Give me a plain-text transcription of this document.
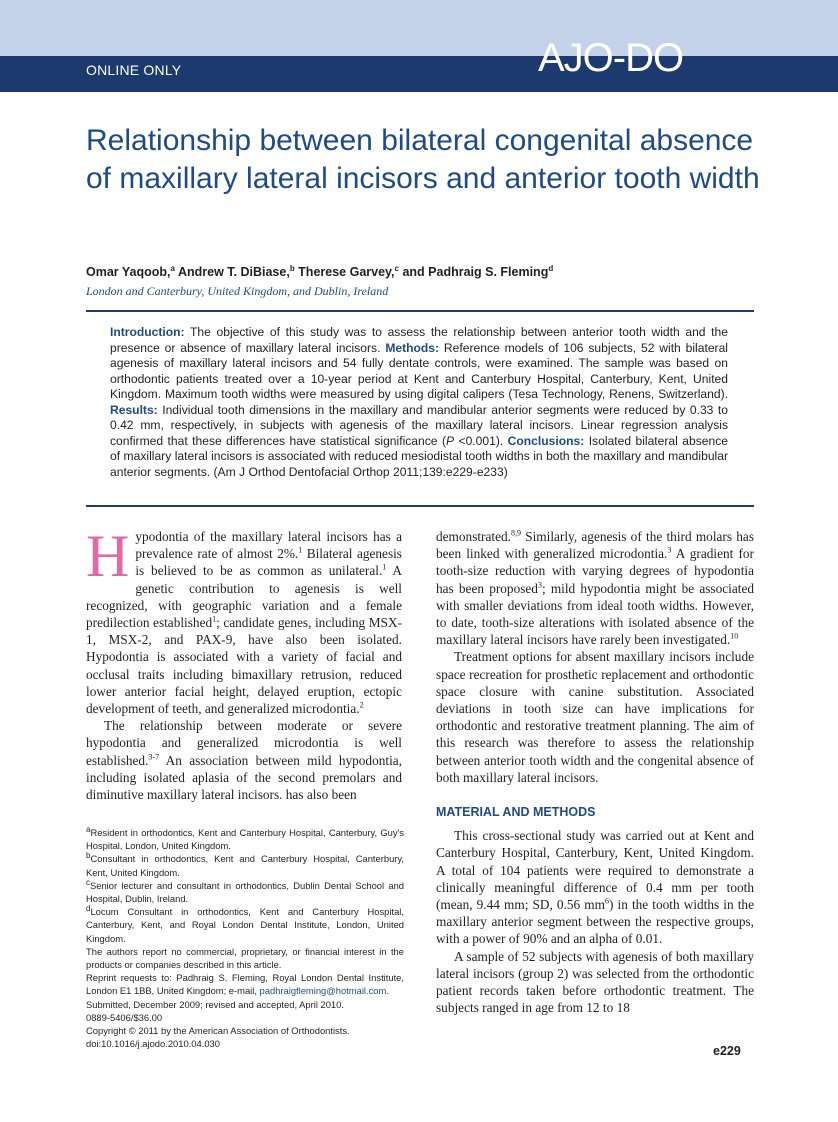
ONLINE ONLY	AJO-DO
Relationship between bilateral congenital absence of maxillary lateral incisors and anterior tooth width
Omar Yaqoob,$^a$ Andrew T. DiBiase,$^b$ Therese Garvey,$^c$ and Padhraig S. Fleming$^d$
London and Canterbury, United Kingdom, and Dublin, Ireland

Introduction: The objective of this study was to assess the relationship between anterior tooth width and the presence or absence of maxillary lateral incisors. Methods: Reference models of 106 subjects, 52 with bilateral agenesis of maxillary lateral incisors and 54 fully dentate controls, were examined. The sample was based on orthodontic patients treated over a 10-year period at Kent and Canterbury Hospital, Canterbury, Kent, United Kingdom. Maximum tooth widths were measured by using digital calipers (Tesa Technology, Renens, Switzerland). Results: Individual tooth dimensions in the maxillary and mandibular anterior segments were reduced by 0.33 to 0.42 mm, respectively, in subjects with agenesis of the maxillary lateral incisors. Linear regression analysis confirmed that these differences have statistical significance (P <0.001). Conclusions: Isolated bilateral absence of maxillary lateral incisors is associated with reduced mesiodistal tooth widths in both the maxillary and mandibular anterior segments. (Am J Orthod Dentofacial Orthop 2011;139:e229-e233)

Hypodontia of the maxillary lateral incisors has a prevalence rate of almost 2%.$^1$ Bilateral agenesis is believed to be as common as unilateral.$^1$ A genetic contribution to agenesis is well recognized, with geographic variation and a female predilection established$^1$; candidate genes, including MSX-1, MSX-2, and PAX-9, have also been isolated. Hypodontia is associated with a variety of facial and occlusal traits including bimaxillary retrusion, reduced lower anterior facial height, delayed eruption, ectopic development of teeth, and generalized microdontia.$^2$

The relationship between moderate or severe hypodontia and generalized microdontia is well established.$^{3-7}$ An association between mild hypodontia, including isolated aplasia of the second premolars and diminutive maxillary lateral incisors. has also been

demonstrated.$^{8,9}$ Similarly, agenesis of the third molars has been linked with generalized microdontia.$^3$ A gradient for tooth-size reduction with varying degrees of hypodontia has been proposed$^3$; mild hypodontia might be associated with smaller deviations from ideal tooth widths. However, to date, tooth-size alterations with isolated absence of the maxillary lateral incisors have rarely been investigated.$^{10}$

Treatment options for absent maxillary incisors include space recreation for prosthetic replacement and orthodontic space closure with canine substitution. Associated deviations in tooth size can have implications for orthodontic and restorative treatment planning. The aim of this research was therefore to assess the relationship between anterior tooth width and the congenital absence of both maxillary lateral incisors.

MATERIAL AND METHODS

This cross-sectional study was carried out at Kent and Canterbury Hospital, Canterbury, Kent, United Kingdom. A total of 104 patients were required to demonstrate a clinically meaningful difference of 0.4 mm per tooth (mean, 9.44 mm; SD, 0.56 $mm^6$) in the tooth widths in the maxillary anterior segment between the respective groups, with a power of 90% and an alpha of 0.01.

A sample of 52 subjects with agenesis of both maxillary lateral incisors (group 2) was selected from the orthodontic patient records taken before orthodontic treatment. The subjects ranged in age from 12 to 18

$^a$Resident in orthodontics, Kent and Canterbury Hospital, Canterbury, Guy's Hospital, London, United Kingdom.

$^b$Consultant in orthodontics, Kent and Canterbury Hospital, Canterbury, Kent, United Kingdom.

$^c$Senior lecturer and consultant in orthodontics, Dublin Dental School and Hospital, Dublin, Ireland.

$^d$Locum Consultant in orthodontics, Kent and Canterbury Hospital, Canterbury, Kent, and Royal London Dental Institute, London, United Kingdom.

The authors report no commercial, proprietary, or financial interest in the products or companies described in this article.

Reprint requests to: Padhraig S. Fleming, Royal London Dental Institute, London E1 1BB, United Kingdom; e-mail, padhraigfleming@hotmail.com.

Submitted, December 2009; revised and accepted, April 2010.

0889-5406/$36.00

Copyright © 2011 by the American Association of Orthodontists.

doi:10.1016/j.ajodo.2010.04.030

e229
